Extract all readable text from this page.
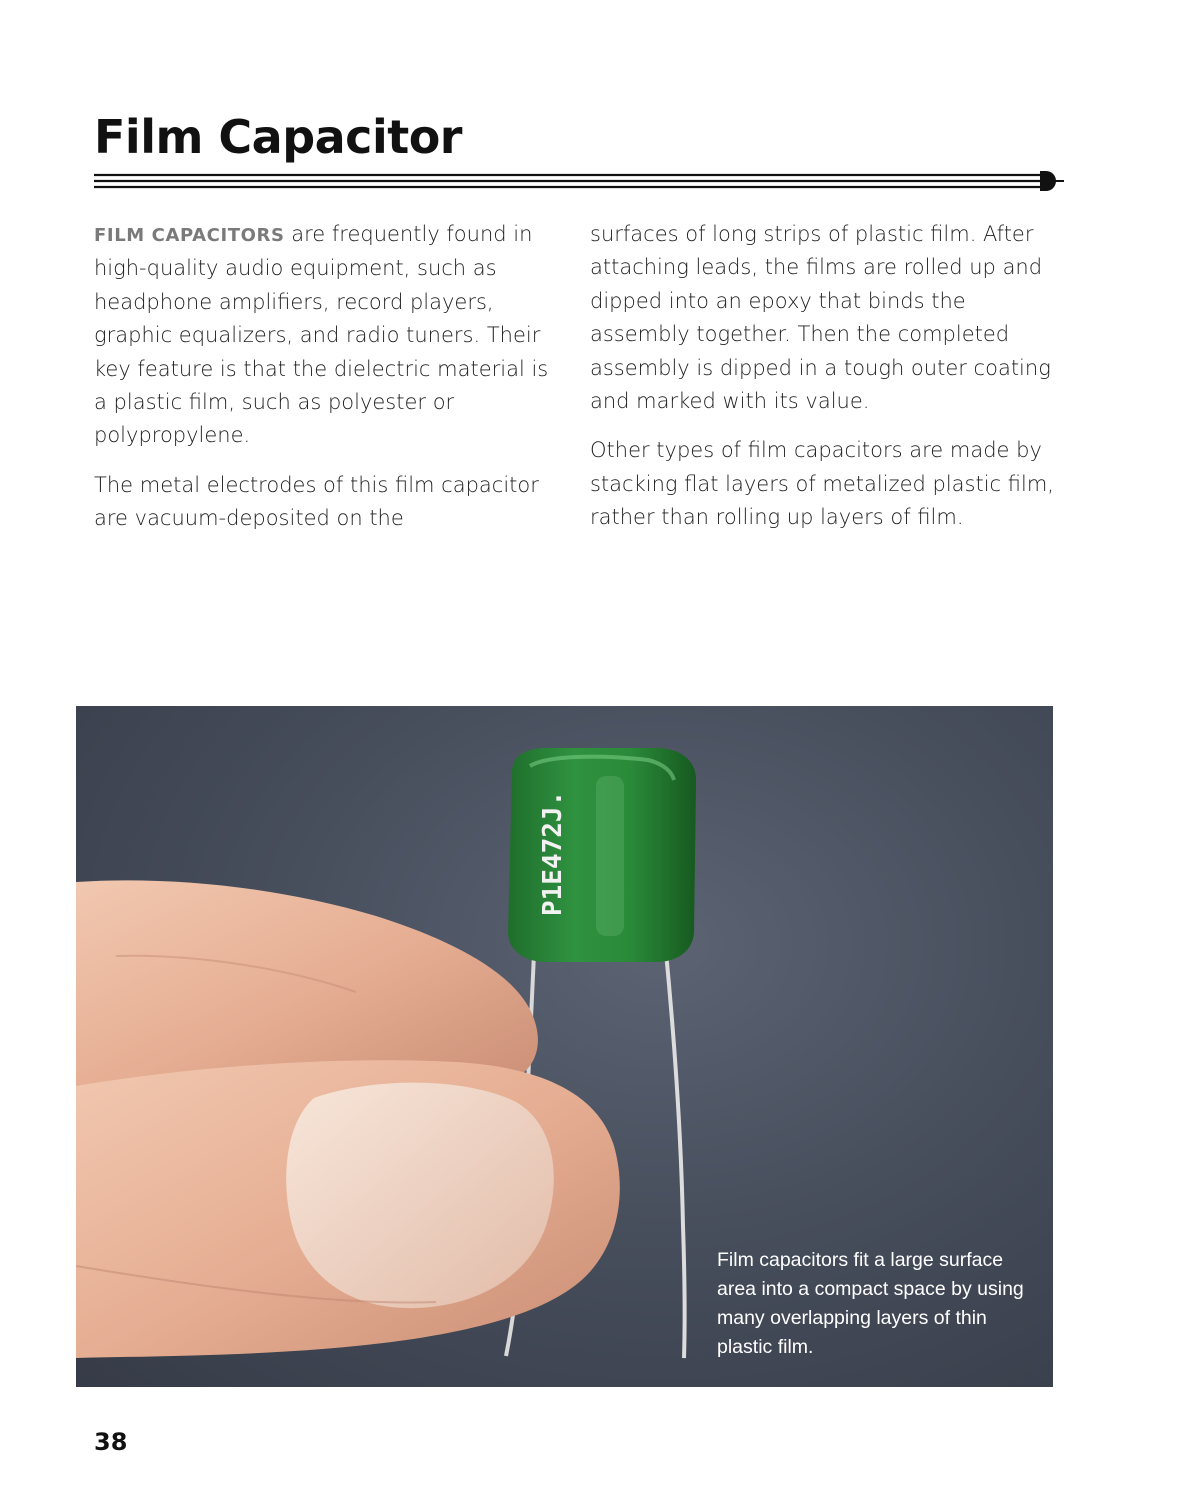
Film Capacitor

FILM CAPACITORS are frequently found in high-quality audio equipment, such as headphone amplifiers, record players, graphic equalizers, and radio tuners. Their key feature is that the dielectric material is a plastic film, such as polyester or polypropylene.

The metal electrodes of this film capacitor are vacuum-deposited on the

surfaces of long strips of plastic film. After attaching leads, the films are rolled up and dipped into an epoxy that binds the assembly together. Then the completed assembly is dipped in a tough outer coating and marked with its value.

Other types of film capacitors are made by stacking flat layers of metalized plastic film, rather than rolling up layers of film.

P1E472J.

Film capacitors fit a large surface area into a compact space by using many overlapping layers of thin plastic film.

38
